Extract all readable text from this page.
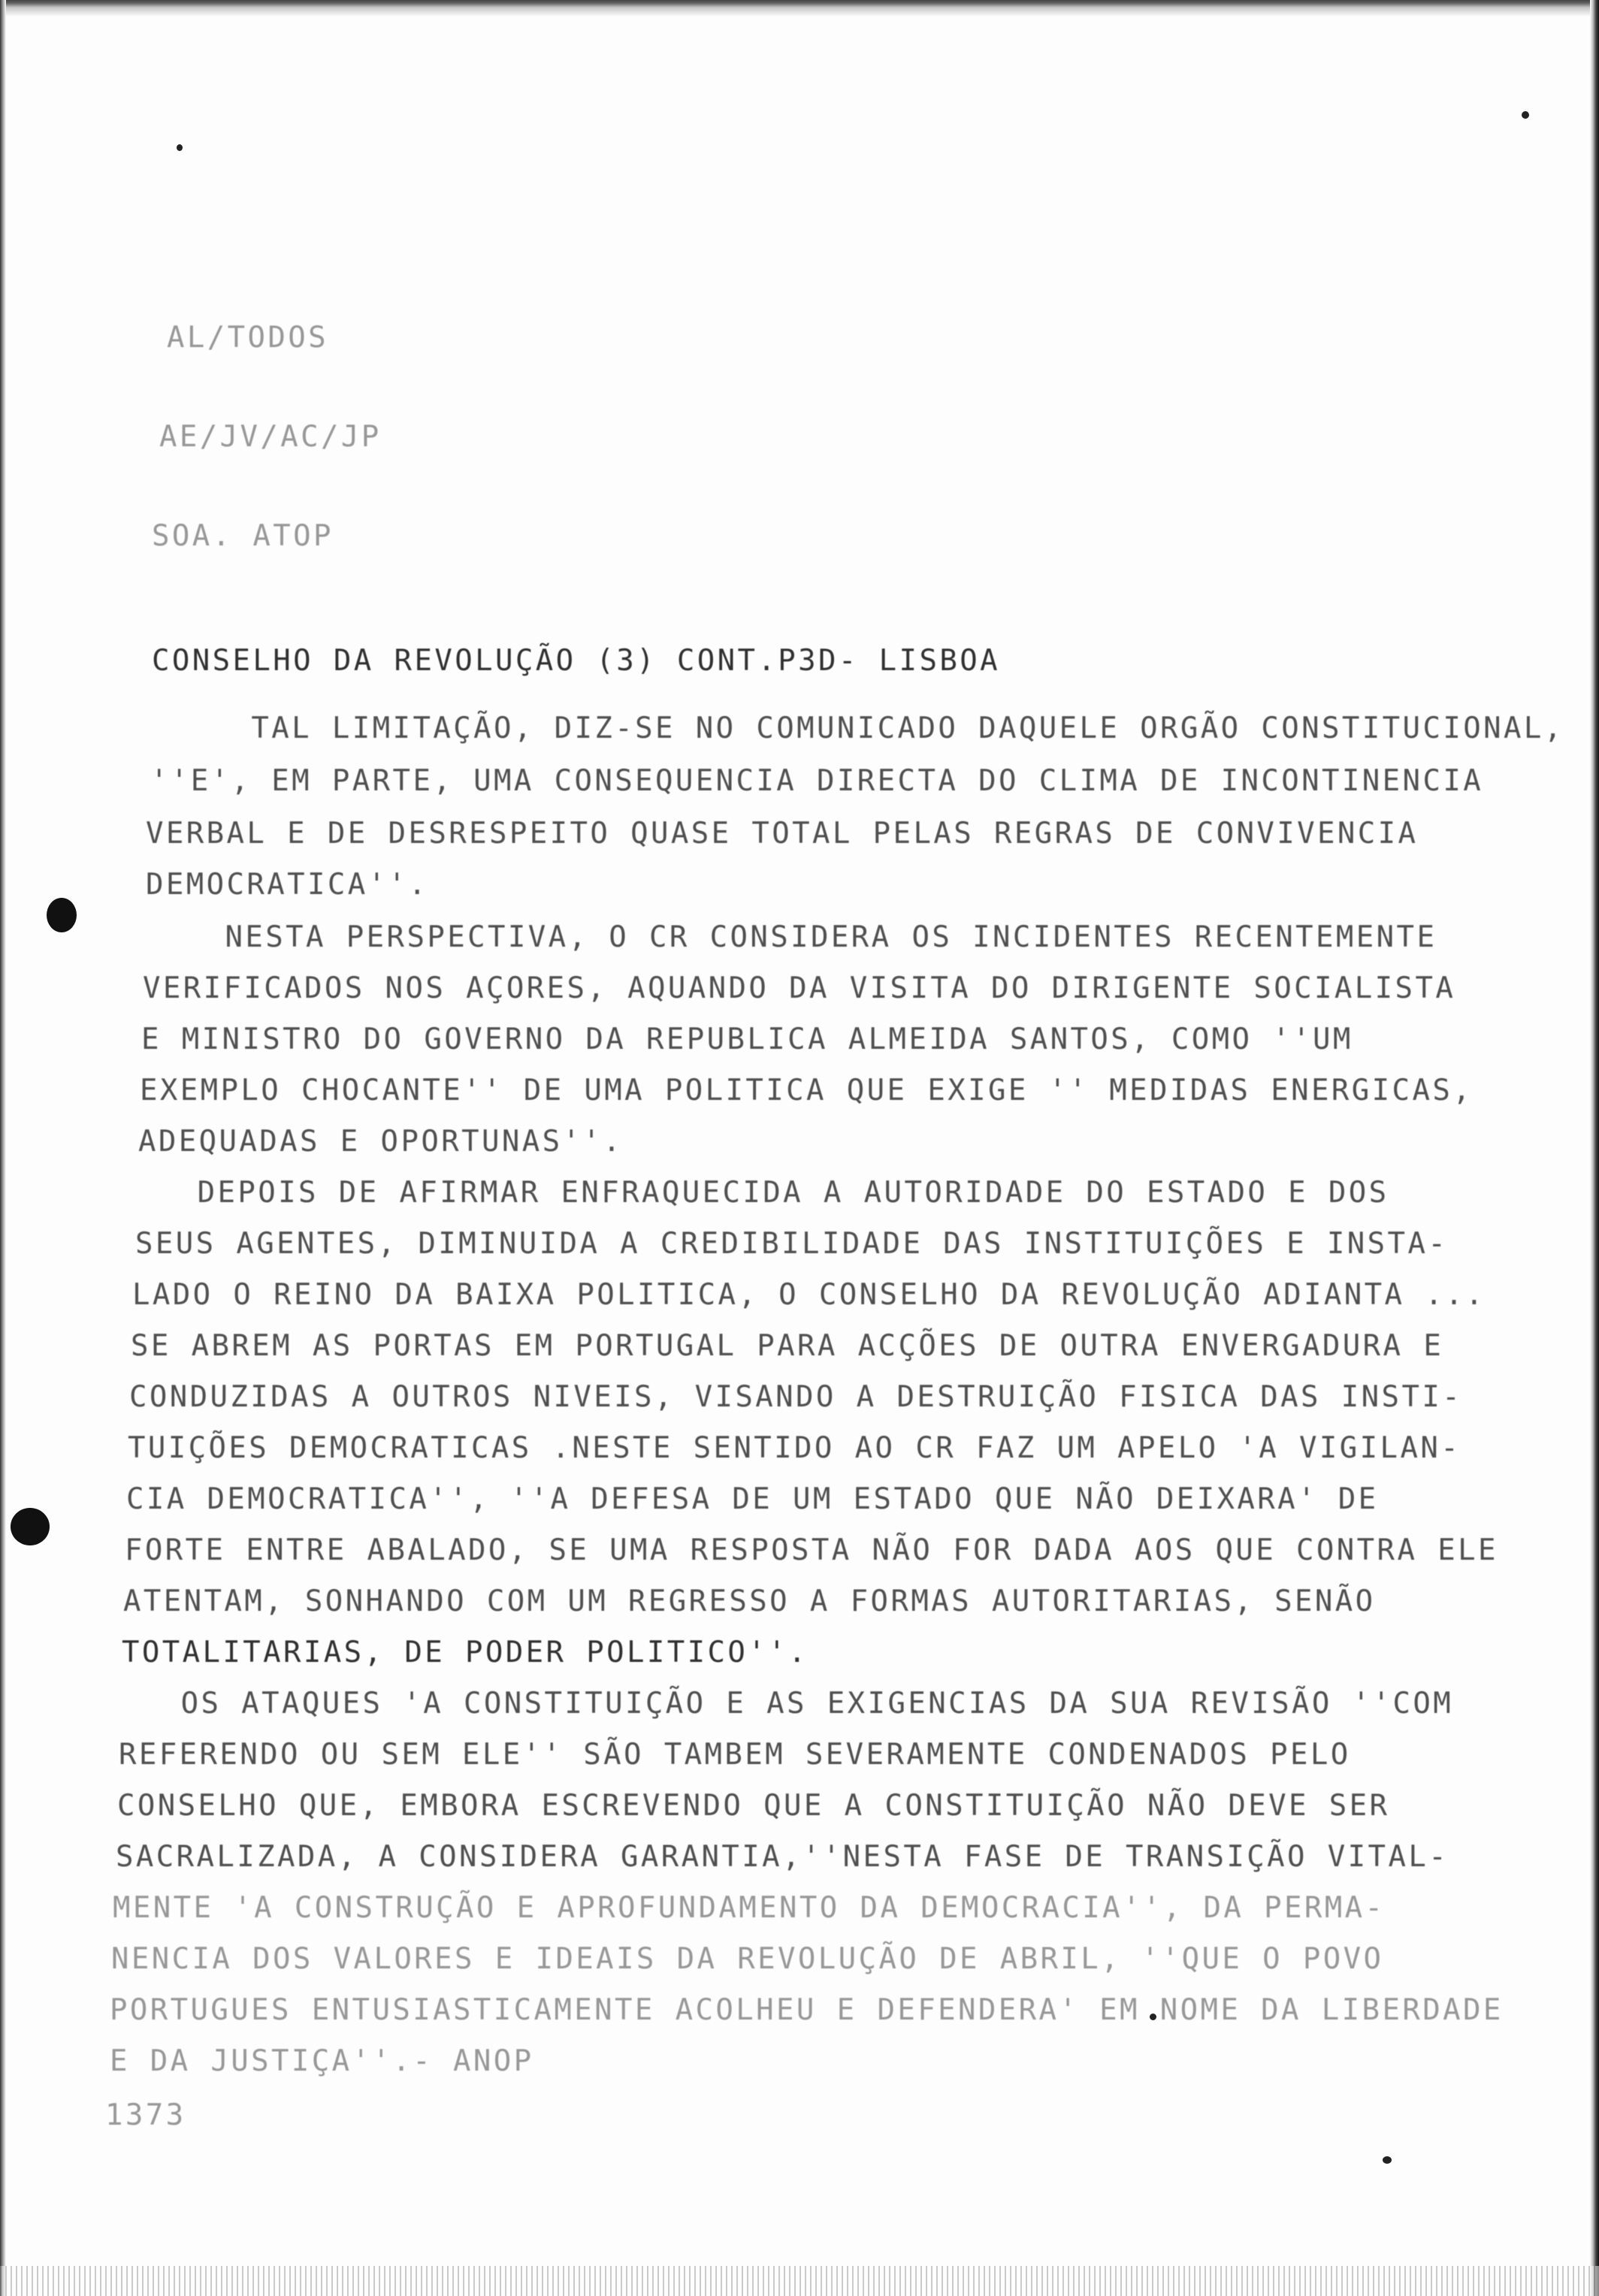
AL/TODOS
AE/JV/AC/JP
SOA. ATOP
CONSELHO DA REVOLUÇÃO (3) CONT.P3D- LISBOA
TAL LIMITAÇÃO, DIZ-SE NO COMUNICADO DAQUELE ORGÃO CONSTITUCIONAL,
''E', EM PARTE, UMA CONSEQUENCIA DIRECTA DO CLIMA DE INCONTINENCIA
VERBAL E DE DESRESPEITO QUASE TOTAL PELAS REGRAS DE CONVIVENCIA
DEMOCRATICA''.
NESTA PERSPECTIVA, O CR CONSIDERA OS INCIDENTES RECENTEMENTE
VERIFICADOS NOS AÇORES, AQUANDO DA VISITA DO DIRIGENTE SOCIALISTA
E MINISTRO DO GOVERNO DA REPUBLICA ALMEIDA SANTOS, COMO ''UM
EXEMPLO CHOCANTE'' DE UMA POLITICA QUE EXIGE '' MEDIDAS ENERGICAS,
ADEQUADAS E OPORTUNAS''.
DEPOIS DE AFIRMAR ENFRAQUECIDA A AUTORIDADE DO ESTADO E DOS
SEUS AGENTES, DIMINUIDA A CREDIBILIDADE DAS INSTITUIÇÕES E INSTA-
LADO O REINO DA BAIXA POLITICA, O CONSELHO DA REVOLUÇÃO ADIANTA ...
SE ABREM AS PORTAS EM PORTUGAL PARA ACÇÕES DE OUTRA ENVERGADURA E
CONDUZIDAS A OUTROS NIVEIS, VISANDO A DESTRUIÇÃO FISICA DAS INSTI-
TUIÇÕES DEMOCRATICAS .NESTE SENTIDO AO CR FAZ UM APELO 'A VIGILAN-
CIA DEMOCRATICA'', ''A DEFESA DE UM ESTADO QUE NÃO DEIXARA' DE
FORTE ENTRE ABALADO, SE UMA RESPOSTA NÃO FOR DADA AOS QUE CONTRA ELE
ATENTAM, SONHANDO COM UM REGRESSO A FORMAS AUTORITARIAS, SENÃO
TOTALITARIAS, DE PODER POLITICO''.
OS ATAQUES 'A CONSTITUIÇÃO E AS EXIGENCIAS DA SUA REVISÃO ''COM
REFERENDO OU SEM ELE'' SÃO TAMBEM SEVERAMENTE CONDENADOS PELO
CONSELHO QUE, EMBORA ESCREVENDO QUE A CONSTITUIÇÃO NÃO DEVE SER
SACRALIZADA, A CONSIDERA GARANTIA,''NESTA FASE DE TRANSIÇÃO VITAL-
MENTE 'A CONSTRUÇÃO E APROFUNDAMENTO DA DEMOCRACIA'', DA PERMA-
NENCIA DOS VALORES E IDEAIS DA REVOLUÇÃO DE ABRIL, ''QUE O POVO
PORTUGUES ENTUSIASTICAMENTE ACOLHEU E DEFENDERA' EM NOME DA LIBERDADE
E DA JUSTIÇA''.- ANOP
1373
